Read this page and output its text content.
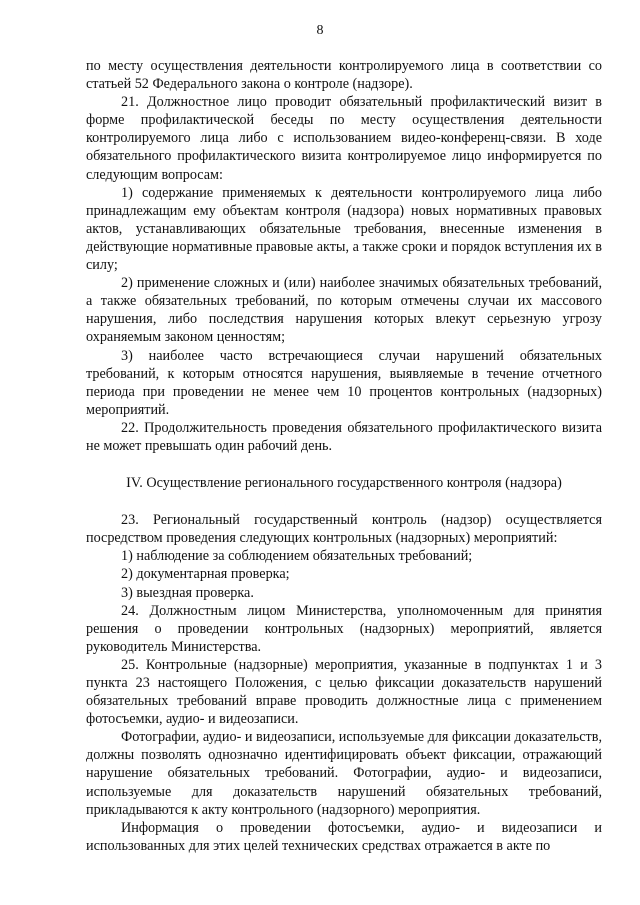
8

по месту осуществления деятельности контролируемого лица в соответствии со статьей 52 Федерального закона о контроле (надзоре).

21. Должностное лицо проводит обязательный профилактический визит в форме профилактической беседы по месту осуществления деятельности контролируемого лица либо с использованием видео-конференц-связи. В ходе обязательного профилактического визита контролируемое лицо информируется по следующим вопросам:

1) содержание применяемых к деятельности контролируемого лица либо принадлежащим ему объектам контроля (надзора) новых нормативных правовых актов, устанавливающих обязательные требования, внесенные изменения в действующие нормативные правовые акты, а также сроки и порядок вступления их в силу;

2) применение сложных и (или) наиболее значимых обязательных требований, а также обязательных требований, по которым отмечены случаи их массового нарушения, либо последствия нарушения которых влекут серьезную угрозу охраняемым законом ценностям;

3) наиболее часто встречающиеся случаи нарушений обязательных требований, к которым относятся нарушения, выявляемые в течение отчетного периода при проведении не менее чем 10 процентов контрольных (надзорных) мероприятий.

22. Продолжительность проведения обязательного профилактического визита не может превышать один рабочий день.

IV. Осуществление регионального государственного контроля (надзора)

23. Региональный государственный контроль (надзор) осуществляется посредством проведения следующих контрольных (надзорных) мероприятий:

1) наблюдение за соблюдением обязательных требований;

2) документарная проверка;

3) выездная проверка.

24. Должностным лицом Министерства, уполномоченным для принятия решения о проведении контрольных (надзорных) мероприятий, является руководитель Министерства.

25. Контрольные (надзорные) мероприятия, указанные в подпунктах 1 и 3 пункта 23 настоящего Положения, с целью фиксации доказательств нарушений обязательных требований вправе проводить должностные лица с применением фотосъемки, аудио- и видеозаписи.

Фотографии, аудио- и видеозаписи, используемые для фиксации доказательств, должны позволять однозначно идентифицировать объект фиксации, отражающий нарушение обязательных требований. Фотографии, аудио- и видеозаписи, используемые для доказательств нарушений обязательных требований, прикладываются к акту контрольного (надзорного) мероприятия.

Информация о проведении фотосъемки, аудио- и видеозаписи и использованных для этих целей технических средствах отражается в акте по
